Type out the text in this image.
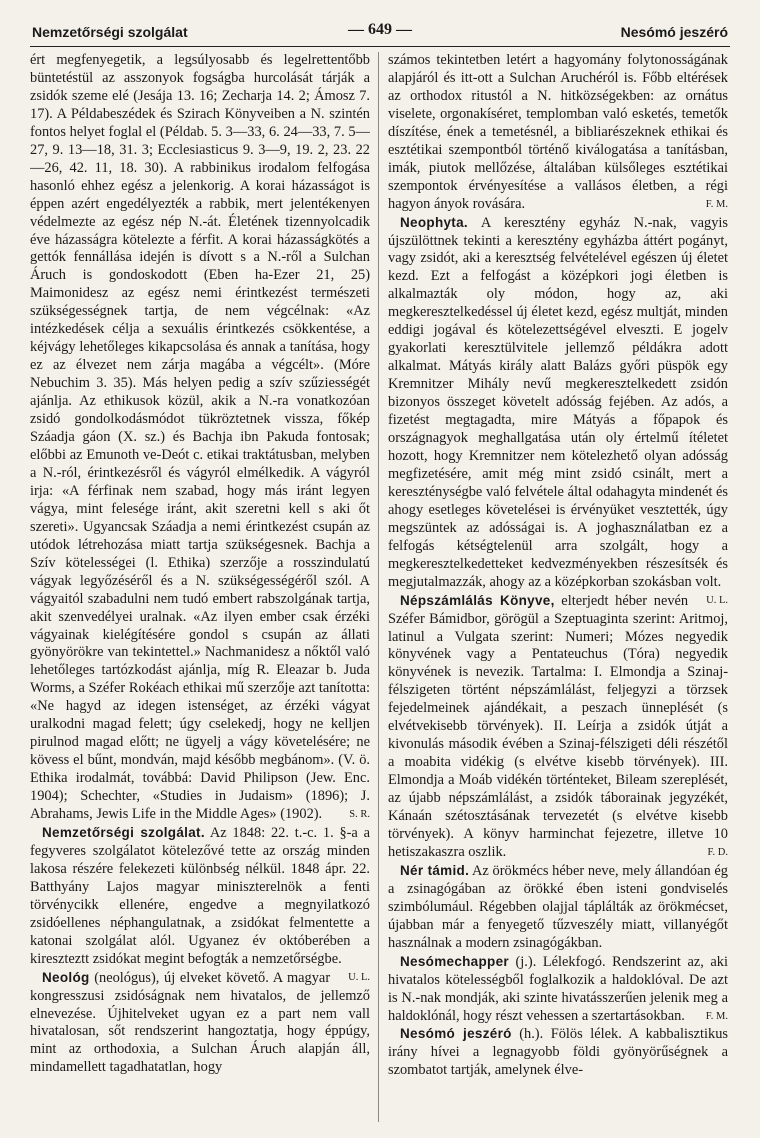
Nemzetőrségi szolgálat	— 649 —	Nesómó jeszéró

ért megfenyegetik, a legsúlyosabb és legelrettentőbb büntetéstül az asszonyok fogságba hurcolását tárják a zsidók szeme elé (Jesája 13. 16; Zecharja 14. 2; Ámosz 7. 17). A Példabeszédek és Szirach Könyveiben a N. szintén fontos helyet foglal el (Példab. 5. 3—33, 6. 24—33, 7. 5—27, 9. 13—18, 31. 3; Ecclesiasticus 9. 3—9, 19. 2, 23. 22—26, 42. 11, 18. 30). A rabbinikus irodalom felfogása hasonló ehhez egész a jelenkorig. A korai házasságot is éppen azért engedélyezték a rabbik, mert jelentékenyen védelmezte az egész nép N.-át. Életének tizennyolcadik éve házasságra kötelezte a férfit. A korai házasságkötés a gettók fennállása idején is dívott s a N.-ről a Sulchan Áruch is gondoskodott (Eben ha-Ezer 21, 25) Maimonidesz az egész nemi érintkezést természeti szükségességnek tartja, de nem végcélnak: «Az intézkedések célja a sexuális érintkezés csökkentése, a kéjvágy lehetőleges kikapcsolása és annak a tanítása, hogy ez az élvezet nem zárja magába a végcélt». (Móre Nebuchim 3. 35). Más helyen pedig a szív szűziességét ajánlja. Az ethikusok közül, akik a N.-ra vonatkozóan zsidó gondolkodásmódot tükröztetnek vissza, főkép Száadja gáon (X. sz.) és Bachja ibn Pakuda fontosak; előbbi az Emunoth ve-Deót c. etikai traktátusban, melyben a N.-ról, érintkezésről és vágyról elmélkedik. A vágyról irja: «A férfinak nem szabad, hogy más iránt legyen vágya, mint felesége iránt, akit szeretni kell s aki őt szereti». Ugyancsak Száadja a nemi érintkezést csupán az utódok létrehozása miatt tartja szükségesnek. Bachja a Szív kötelességei (l. Ethika) szerzője a rosszindulatú vágyak legyőzéséről és a N. szükségességéről szól. A vágyaitól szabadulni nem tudó embert rabszolgának tartja, akit szenvedélyei uralnak. «Az ilyen ember csak érzéki vágyainak kielégítésére gondol s csupán az állati gyönyörökre van tekintettel.» Nachmanidesz a nőktől való lehetőleges tartózkodást ajánlja, míg R. Eleazar b. Juda Worms, a Széfer Rokéach ethikai mű szerzője azt tanította: «Ne hagyd az idegen istenséget, az érzéki vágyat uralkodni magad felett; úgy cselekedj, hogy ne kelljen pirulnod magad előtt; ne ügyelj a vágy követelésére; ne kövess el bűnt, mondván, majd később megbánom». (V. ö. Ethika irodalmát, továbbá: David Philipson (Jew. Enc. 1904); Schechter, «Studies in Judaism» (1896); J. Abrahams, Jewis Life in the Middle Ages» (1902).	S. R.

Nemzetőrségi szolgálat. Az 1848: 22. t.-c. 1. §-a a fegyveres szolgálatot kötelezővé tette az ország minden lakosa részére felekezeti különbség nélkül. 1848 ápr. 22. Batthyány Lajos magyar miniszterelnök a fenti törvénycikk ellenére, engedve a megnyilatkozó zsidóellenes néphangulatnak, a zsidókat felmentette a katonai szolgálat alól. Ugyanez év októberében a kireszteztt zsidókat megint befogták a nemzetőrségbe.
U. L.

Neológ (neológus), új elveket követő. A magyar kongresszusi zsidóságnak nem hivatalos, de jellemző elnevezése. Újhitelveket ugyan ez a part nem vall hivatalosan, sőt rendszerint hangoztatja, hogy éppúgy, mint az orthodoxia, a Sulchan Áruch alapján áll, mindamellett tagadhatatlan, hogy

számos tekintetben letért a hagyomány folytonosságának alapjáról és itt-ott a Sulchan Aruchéról is. Főbb eltérések az orthodox ritustól a N. hitközségekben: az ornátus viselete, orgonakíséret, templomban való esketés, temetők díszítése, ének a temetésnél, a bibliarészeknek ethikai és esztétikai szempontból történő kiválogatása a tanításban, imák, piutok mellőzése, általában külsőleges esztétikai szempontok érvényesítése a vallásos életben, a régi hagyon ányok rovására.	F. M.

Neophyta. A keresztény egyház N.-nak, vagyis újszülöttnek tekinti a keresztény egyházba áttért pogányt, vagy zsidót, aki a keresztség felvételével egészen új életet kezd. Ezt a felfogást a középkori jogi életben is alkalmazták oly módon, hogy az, aki megkeresztelkedéssel új életet kezd, egész multját, minden eddigi jogával és kötelezettségével elveszti. E jogelv gyakorlati keresztülvitele jellemző példákra adott alkalmat. Mátyás király alatt Balázs győri püspök egy Kremnitzer Mihály nevű megkeresztelkedett zsidón bizonyos összeget követelt adósság fejében. Az adós, a fizetést megtagadta, mire Mátyás a főpapok és országnagyok meghallgatása után oly értelmű ítéletet hozott, hogy Kremnitzer nem kötelezhető olyan adósság megfizetésére, amit még mint zsidó csinált, mert a kereszténységbe való felvétele által odahagyta mindenét és ahogy esetleges követelései is érvényüket vesztették, úgy megszüntek az adósságai is. A joghasználatban ez a felfogás kétségtelenül arra szolgált, hogy a megkeresztelkedetteket kedvezményekben részesítsék és megjutalmazzák, ahogy az a középkorban szokásban volt.
U. L.

Népszámlálás Könyve, elterjedt héber nevén Széfer Bámidbor, görögül a Szeptuaginta szerint: Aritmoj, latinul a Vulgata szerint: Numeri; Mózes negyedik könyvének vagy a Pentateuchus (Tóra) negyedik könyvének is nevezik. Tartalma: I. Elmondja a Szinaj-félszigeten történt népszámlálást, feljegyzi a törzsek fejedelmeinek ajándékait, a peszach ünneplését (s elvétvekisebb törvények). II. Leírja a zsidók útját a kivonulás második évében a Szinaj-félszigeti déli részétől a moabita vidékig (s elvétve kisebb törvények). III. Elmondja a Moáb vidékén történteket, Bileam szereplését, az újabb népszámlálást, a zsidók táborainak jegyzékét, Kánaán szétosztásának tervezetét (s elvétve kisebb törvények). A könyv harminchat fejezetre, illetve 10 hetiszakaszra oszlik.	F. D.

Nér támid. Az örökmécs héber neve, mely állandóan ég a zsinagógában az örökké ében isteni gondviselés szimbólumául. Régebben olajjal táplálták az örökmécset, újabban már a fenyegető tűzveszély miatt, villanyégőt használnak a modern zsinagógákban.

Nesómechapper (j.). Lélekfogó. Rendszerint az, aki hivatalos kötelességből foglalkozik a haldoklóval. De azt is N.-nak mondják, aki szinte hivatásszerűen jelenik meg a haldoklónál, hogy részt vehessen a szertartásokban.	F. M.

Nesómó jeszéró (h.). Fölös lélek. A kabbalisztikus irány hívei a legnagyobb földi gyönyörűségnek a szombatot tartják, amelynek élve-
